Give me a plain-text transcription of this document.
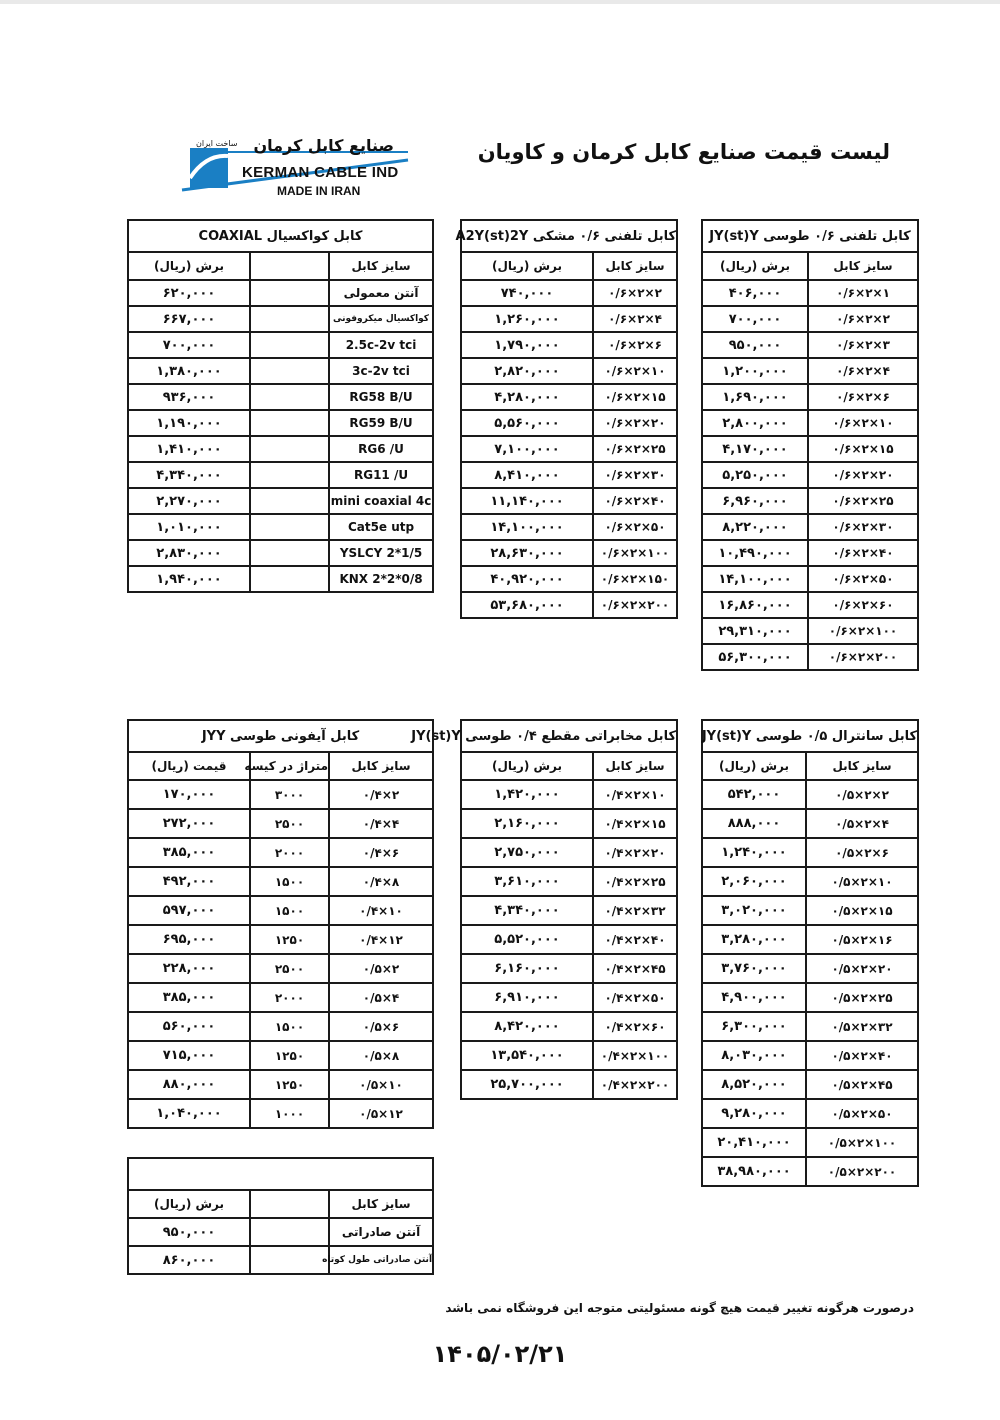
لیست قیمت صنایع کابل کرمان و کاویان
ساخت ایران صنایع کابل کرمان
KERMAN CABLE IND
MADE IN IRAN
کابل تلفنی ۰/۶ طوسی JY(st)Y	
سایز کابل	برش (ریال)
۱×۲×۰/۶	۴۰۶,۰۰۰
۲×۲×۰/۶	۷۰۰,۰۰۰
۳×۲×۰/۶	۹۵۰,۰۰۰
۴×۲×۰/۶	۱,۲۰۰,۰۰۰
۶×۲×۰/۶	۱,۶۹۰,۰۰۰
۱۰×۲×۰/۶	۲,۸۰۰,۰۰۰
۱۵×۲×۰/۶	۴,۱۷۰,۰۰۰
۲۰×۲×۰/۶	۵,۲۵۰,۰۰۰
۲۵×۲×۰/۶	۶,۹۶۰,۰۰۰
۳۰×۲×۰/۶	۸,۲۲۰,۰۰۰
۴۰×۲×۰/۶	۱۰,۴۹۰,۰۰۰
۵۰×۲×۰/۶	۱۴,۱۰۰,۰۰۰
۶۰×۲×۰/۶	۱۶,۸۶۰,۰۰۰
۱۰۰×۲×۰/۶	۲۹,۳۱۰,۰۰۰
۲۰۰×۲×۰/۶	۵۶,۳۰۰,۰۰۰
کابل تلفنی ۰/۶ مشکی A2Y(st)2Y	
سایز کابل	برش (ریال)
۲×۲×۰/۶	۷۴۰,۰۰۰
۴×۲×۰/۶	۱,۲۶۰,۰۰۰
۶×۲×۰/۶	۱,۷۹۰,۰۰۰
۱۰×۲×۰/۶	۲,۸۲۰,۰۰۰
۱۵×۲×۰/۶	۴,۲۸۰,۰۰۰
۲۰×۲×۰/۶	۵,۵۶۰,۰۰۰
۲۵×۲×۰/۶	۷,۱۰۰,۰۰۰
۳۰×۲×۰/۶	۸,۴۱۰,۰۰۰
۴۰×۲×۰/۶	۱۱,۱۴۰,۰۰۰
۵۰×۲×۰/۶	۱۴,۱۰۰,۰۰۰
۱۰۰×۲×۰/۶	۲۸,۶۳۰,۰۰۰
۱۵۰×۲×۰/۶	۴۰,۹۲۰,۰۰۰
۲۰۰×۲×۰/۶	۵۳,۶۸۰,۰۰۰
کابل کواکسیال COAXIAL		
سایز کابل		برش (ریال)
آنتن معمولی		۶۲۰,۰۰۰
کواکسیال میکروفونی		۶۶۷,۰۰۰
2.5c-2v tci		۷۰۰,۰۰۰
3c-2v tci		۱,۳۸۰,۰۰۰
RG58 B/U		۹۳۶,۰۰۰
RG59 B/U		۱,۱۹۰,۰۰۰
RG6 /U		۱,۴۱۰,۰۰۰
RG11 /U		۴,۳۴۰,۰۰۰
mini coaxial 4c		۲,۲۷۰,۰۰۰
Cat5e utp		۱,۰۱۰,۰۰۰
YSLCY 2*1/5		۲,۸۳۰,۰۰۰
KNX 2*2*0/8		۱,۹۴۰,۰۰۰
کابل سانترال ۰/۵ طوسی JY(st)Y	
سایز کابل	برش (ریال)
۲×۲×۰/۵	۵۴۲,۰۰۰
۴×۲×۰/۵	۸۸۸,۰۰۰
۶×۲×۰/۵	۱,۲۴۰,۰۰۰
۱۰×۲×۰/۵	۲,۰۶۰,۰۰۰
۱۵×۲×۰/۵	۳,۰۲۰,۰۰۰
۱۶×۲×۰/۵	۳,۲۸۰,۰۰۰
۲۰×۲×۰/۵	۳,۷۶۰,۰۰۰
۲۵×۲×۰/۵	۴,۹۰۰,۰۰۰
۳۲×۲×۰/۵	۶,۳۰۰,۰۰۰
۴۰×۲×۰/۵	۸,۰۳۰,۰۰۰
۴۵×۲×۰/۵	۸,۵۲۰,۰۰۰
۵۰×۲×۰/۵	۹,۲۸۰,۰۰۰
۱۰۰×۲×۰/۵	۲۰,۴۱۰,۰۰۰
۲۰۰×۲×۰/۵	۳۸,۹۸۰,۰۰۰
کابل مخابراتی مقطع ۰/۴ طوسی JY(st)Y	
سایز کابل	برش (ریال)
۱۰×۲×۰/۴	۱,۴۲۰,۰۰۰
۱۵×۲×۰/۴	۲,۱۶۰,۰۰۰
۲۰×۲×۰/۴	۲,۷۵۰,۰۰۰
۲۵×۲×۰/۴	۳,۶۱۰,۰۰۰
۳۲×۲×۰/۴	۴,۳۴۰,۰۰۰
۴۰×۲×۰/۴	۵,۵۲۰,۰۰۰
۴۵×۲×۰/۴	۶,۱۶۰,۰۰۰
۵۰×۲×۰/۴	۶,۹۱۰,۰۰۰
۶۰×۲×۰/۴	۸,۴۲۰,۰۰۰
۱۰۰×۲×۰/۴	۱۳,۵۴۰,۰۰۰
۲۰۰×۲×۰/۴	۲۵,۷۰۰,۰۰۰
کابل آیفونی طوسی JYY		
سایز کابل	متراژ در کیسه	قیمت (ریال)
۲×۰/۴	۳۰۰۰	۱۷۰,۰۰۰
۴×۰/۴	۲۵۰۰	۲۷۲,۰۰۰
۶×۰/۴	۲۰۰۰	۳۸۵,۰۰۰
۸×۰/۴	۱۵۰۰	۴۹۲,۰۰۰
۱۰×۰/۴	۱۵۰۰	۵۹۷,۰۰۰
۱۲×۰/۴	۱۲۵۰	۶۹۵,۰۰۰
۲×۰/۵	۲۵۰۰	۲۲۸,۰۰۰
۴×۰/۵	۲۰۰۰	۳۸۵,۰۰۰
۶×۰/۵	۱۵۰۰	۵۶۰,۰۰۰
۸×۰/۵	۱۲۵۰	۷۱۵,۰۰۰
۱۰×۰/۵	۱۲۵۰	۸۸۰,۰۰۰
۱۲×۰/۵	۱۰۰۰	۱,۰۴۰,۰۰۰

سایز کابل		برش (ریال)
آنتن صادراتی		۹۵۰,۰۰۰
آنتن صادراتی طول کوتاه		۸۶۰,۰۰۰
درصورت هرگونه تغییر قیمت هیچ گونه مسئولیتی متوجه این فروشگاه نمی باشد
۱۴۰۵/۰۲/۲۱
